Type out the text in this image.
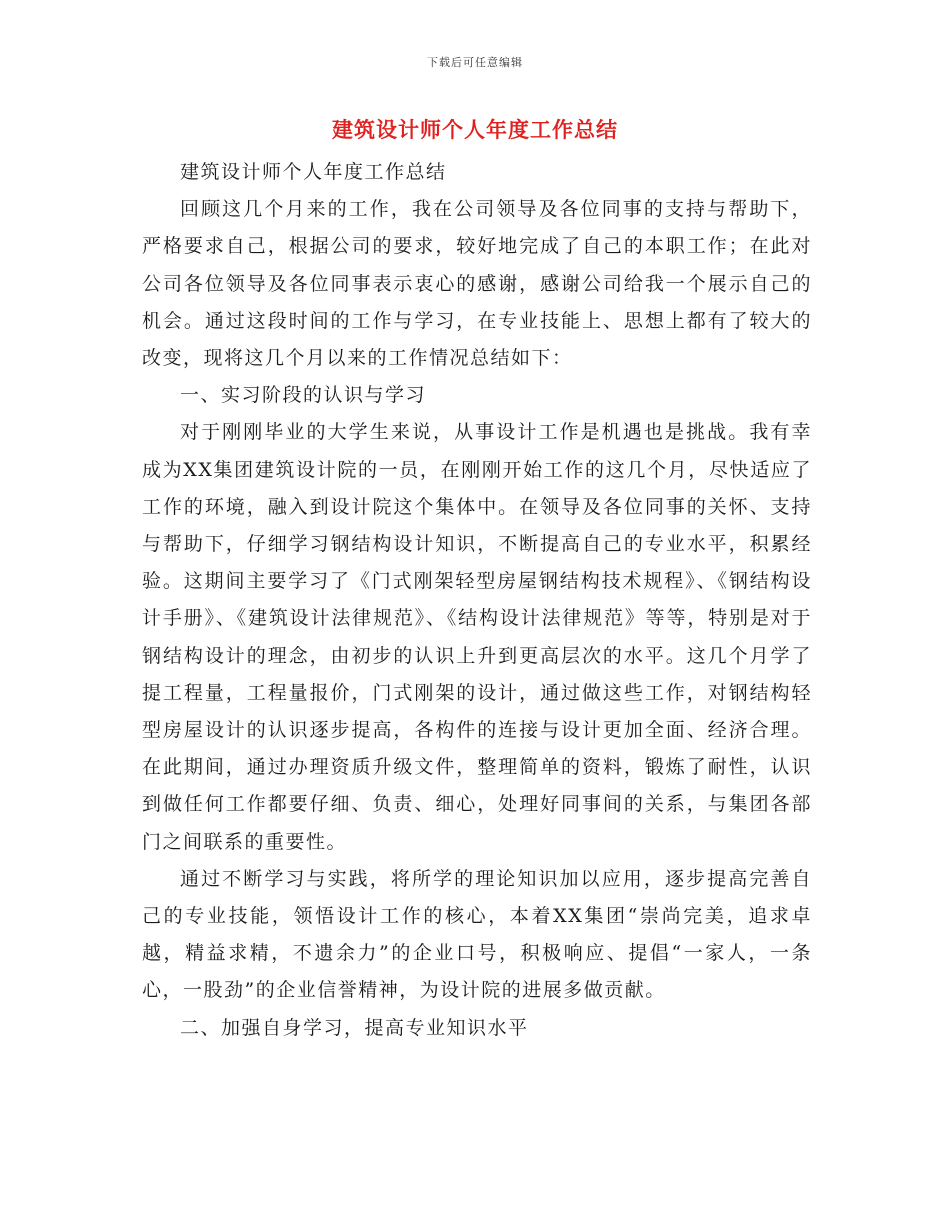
下载后可任意编辑
建筑设计师个人年度工作总结

建筑设计师个人年度工作总结

回顾这几个月来的工作，我在公司领导及各位同事的支持与帮助下，严格要求自己，根据公司的要求，较好地完成了自己的本职工作；在此对公司各位领导及各位同事表示衷心的感谢，感谢公司给我一个展示自己的机会。通过这段时间的工作与学习，在专业技能上、思想上都有了较大的改变，现将这几个月以来的工作情况总结如下：

一、实习阶段的认识与学习

对于刚刚毕业的大学生来说，从事设计工作是机遇也是挑战。我有幸成为XX集团建筑设计院的一员，在刚刚开始工作的这几个月，尽快适应了工作的环境，融入到设计院这个集体中。在领导及各位同事的关怀、支持与帮助下，仔细学习钢结构设计知识，不断提高自己的专业水平，积累经验。这期间主要学习了《门式刚架轻型房屋钢结构技术规程》、《钢结构设计手册》、《建筑设计法律规范》、《结构设计法律规范》等等，特别是对于钢结构设计的理念，由初步的认识上升到更高层次的水平。这几个月学了提工程量，工程量报价，门式刚架的设计，通过做这些工作，对钢结构轻型房屋设计的认识逐步提高，各构件的连接与设计更加全面、经济合理。在此期间，通过办理资质升级文件，整理简单的资料，锻炼了耐性，认识到做任何工作都要仔细、负责、细心，处理好同事间的关系，与集团各部门之间联系的重要性。

通过不断学习与实践，将所学的理论知识加以应用，逐步提高完善自己的专业技能，领悟设计工作的核心，本着XX集团“崇尚完美，追求卓越，精益求精，不遗余力”的企业口号，积极响应、提倡“一家人，一条心，一股劲”的企业信誉精神，为设计院的进展多做贡献。

二、加强自身学习，提高专业知识水平
